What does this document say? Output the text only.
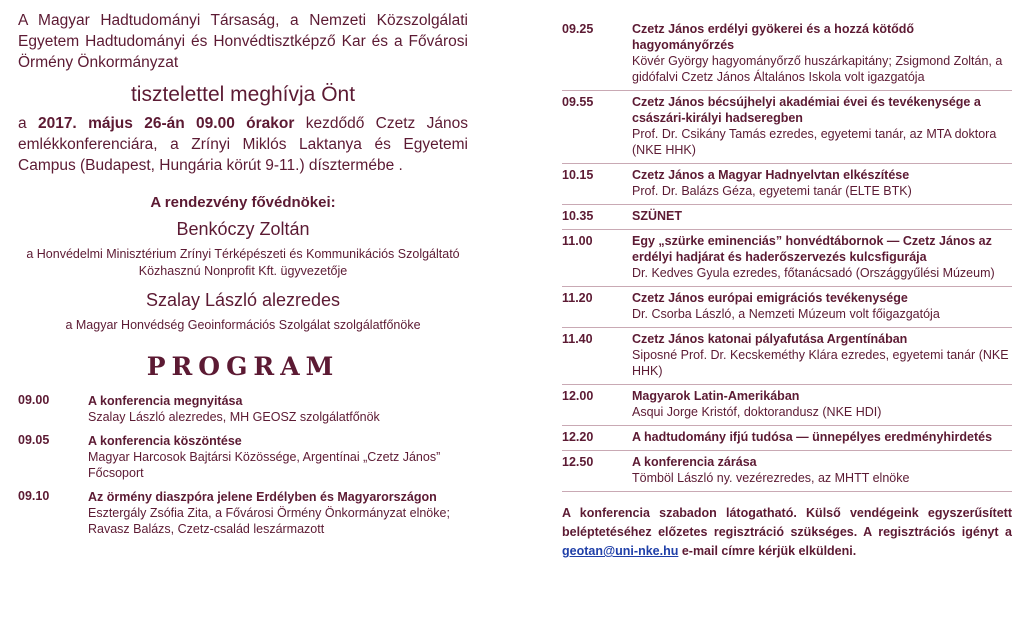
A Magyar Hadtudományi Társaság, a Nemzeti Közszolgálati Egyetem Hadtudományi és Honvédtisztképző Kar és a Fővárosi Örmény Önkormányzat

tisztelettel meghívja Önt

a 2017. május 26-án 09.00 órakor kezdődő Czetz János emlékkonferenciára, a Zrínyi Miklós Laktanya és Egyetemi Campus (Budapest, Hungária körút 9-11.) dísztermébe .

A rendezvény fővédnökei:
Benkóczy Zoltán

a Honvédelmi Minisztérium Zrínyi Térképészeti és Kommunikációs Szolgáltató Közhasznú Nonprofit Kft. ügyvezetője

Szalay László alezredes

a Magyar Honvédség Geoinformációs Szolgálat szolgálatfőnöke

PROGRAM
09.00	A konferencia megnyitása
Szalay László alezredes, MH GEOSZ szolgálatfőnök
09.05	A konferencia köszöntése
Magyar Harcosok Bajtársi Közössége, Argentínai „Czetz János” Főcsoport
09.10	Az örmény diaszpóra jelene Erdélyben és Magyarországon
Esztergály Zsófia Zita, a Fővárosi Örmény Önkormányzat elnöke; Ravasz Balázs, Czetz-család leszármazott
09.25	Czetz János erdélyi gyökerei és a hozzá kötődő hagyományőrzés
Kövér György hagyományőrző huszárkapitány; Zsigmond Zoltán, a gidófalvi Czetz János Általános Iskola volt igazgatója
09.55	Czetz János bécsújhelyi akadémiai évei és tevékenysége a császári-királyi hadseregben
Prof. Dr. Csikány Tamás ezredes, egyetemi tanár, az MTA doktora (NKE HHK)
10.15	Czetz János a Magyar Hadnyelvtan elkészítése
Prof. Dr. Balázs Géza, egyetemi tanár (ELTE BTK)
10.35	SZÜNET
11.00	Egy „szürke eminenciás” honvédtábornok — Czetz János az erdélyi hadjárat és haderőszervezés kulcsfigurája
Dr. Kedves Gyula ezredes, főtanácsadó (Országgyűlési Múzeum)
11.20	Czetz János európai emigrációs tevékenysége
Dr. Csorba László, a Nemzeti Múzeum volt főigazgatója
11.40	Czetz János katonai pályafutása Argentínában
Siposné Prof. Dr. Kecskeméthy Klára ezredes, egyetemi tanár (NKE HHK)
12.00	Magyarok Latin-Amerikában
Asqui Jorge Kristóf, doktorandusz (NKE HDI)
12.20	A hadtudomány ifjú tudósa — ünnepélyes eredményhirdetés
12.50	A konferencia zárása
Tömböl László ny. vezérezredes, az MHTT elnöke
A konferencia szabadon látogatható. Külső vendégeink egyszerűsített beléptetéséhez előzetes regisztráció szükséges. A regisztrációs igényt a geotan@uni-nke.hu e-mail címre kérjük elküldeni.
